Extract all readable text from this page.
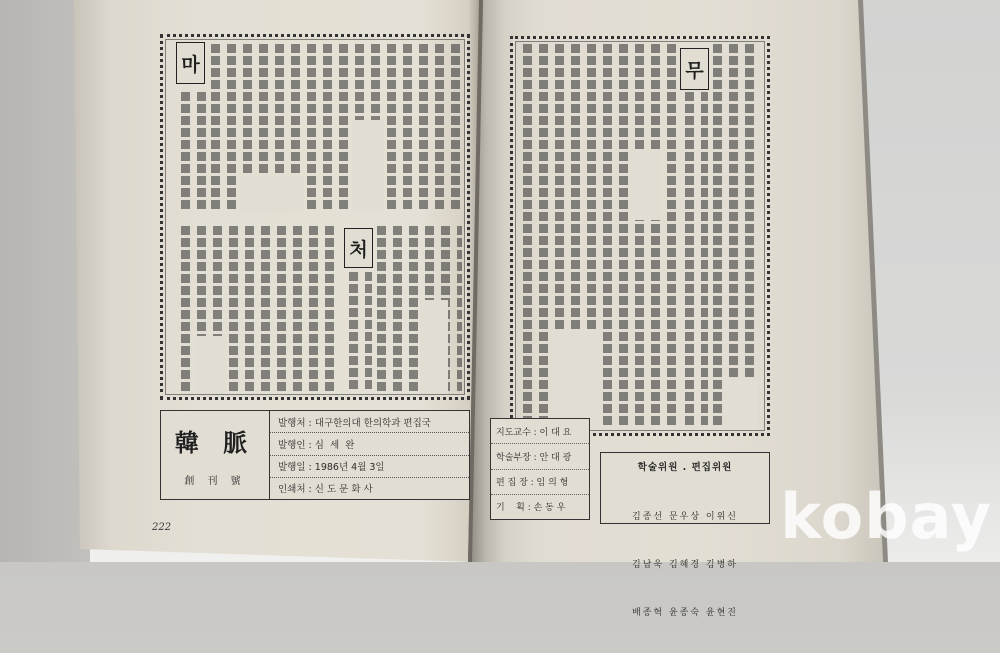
마
처
韓 脈
創 刊 號
발행처 : 대구한의대 한의학과 편집국
발행인 : 심  세  완
발행일 : 1986년 4월 3일
인쇄처 : 신 도 문 화 사
222
무
지도교수 : 이 대 요
학술부장 : 안 대 광
편 집 장 : 임 의 형
기    획 : 손 동 우
학술위원 . 편집위원

김종선 문우상 이위신

김남욱 김혜경 김병하

배종혁 윤종숙 윤현진

kobay
